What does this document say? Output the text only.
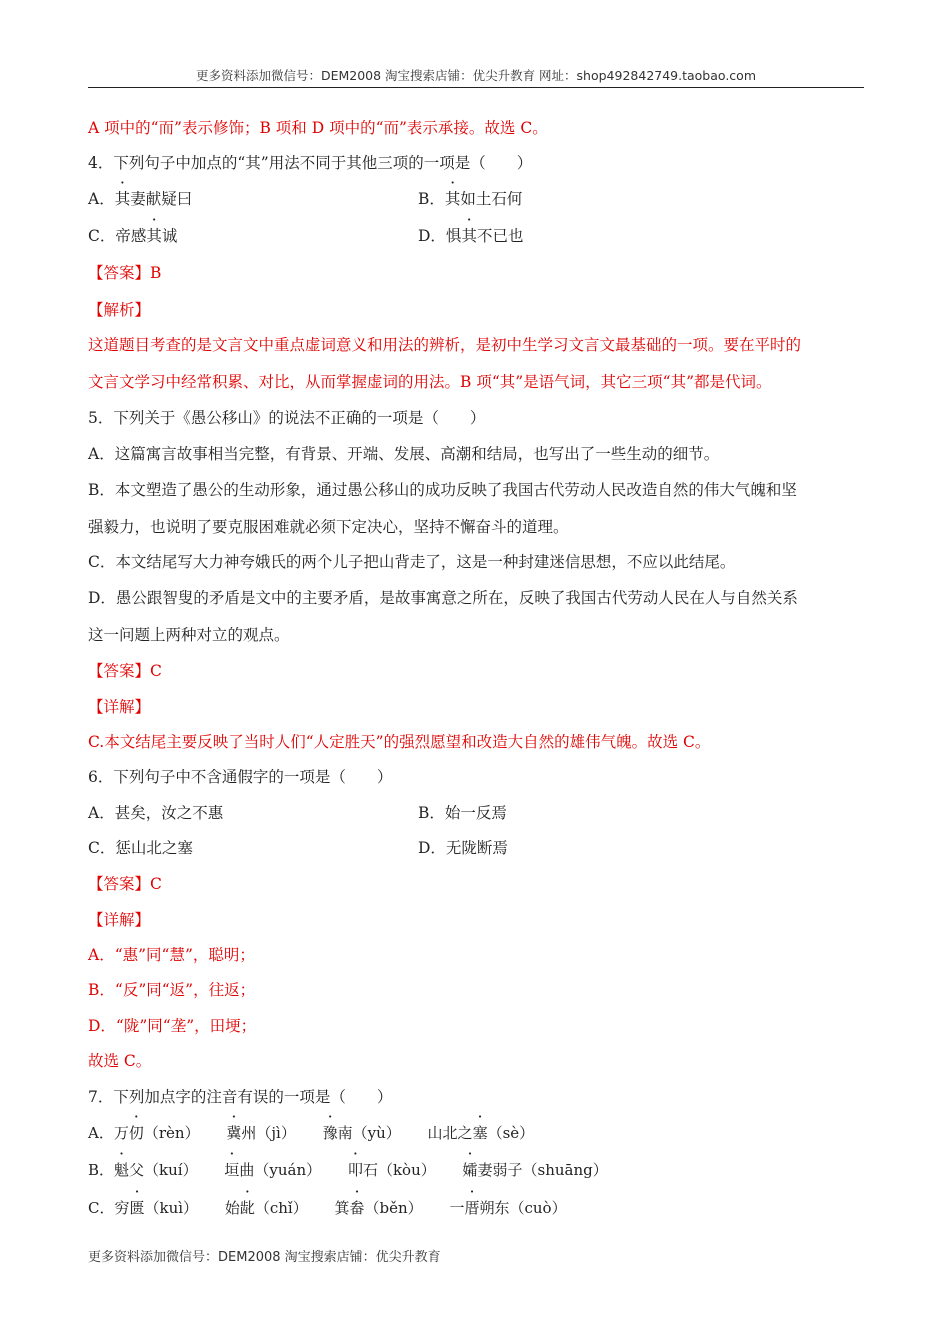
更多资料添加微信号：DEM2008 淘宝搜索店铺：优尖升教育 网址：shop492842749.taobao.com
A 项中的“而”表示修饰；B 项和 D 项中的“而”表示承接。故选 C。
4．下列句子中加点的“其”用法不同于其他三项的一项是（　　）
A．其妻献疑曰	B．其如土石何
C．帝感其诚	D．惧其不已也
【答案】B
【解析】
这道题目考查的是文言文中重点虚词意义和用法的辨析，是初中生学习文言文最基础的一项。要在平时的
文言文学习中经常积累、对比，从而掌握虚词的用法。B 项“其”是语气词，其它三项“其”都是代词。
5．下列关于《愚公移山》的说法不正确的一项是（　　）
A．这篇寓言故事相当完整，有背景、开端、发展、高潮和结局，也写出了一些生动的细节。
B．本文塑造了愚公的生动形象，通过愚公移山的成功反映了我国古代劳动人民改造自然的伟大气魄和坚
强毅力，也说明了要克服困难就必须下定决心，坚持不懈奋斗的道理。
C．本文结尾写大力神夸娥氏的两个儿子把山背走了，这是一种封建迷信思想，不应以此结尾。
D．愚公跟智叟的矛盾是文中的主要矛盾，是故事寓意之所在，反映了我国古代劳动人民在人与自然关系
这一问题上两种对立的观点。
【答案】C
【详解】
C.本文结尾主要反映了当时人们“人定胜天”的强烈愿望和改造大自然的雄伟气魄。故选 C。
6．下列句子中不含通假字的一项是（　　）
A．甚矣，汝之不惠	B．始一反焉
C．惩山北之塞	D．无陇断焉
【答案】C
【详解】
A．“惠”同“慧”，聪明；
B．“反”同“返”，往返；
D．“陇”同“垄”，田埂；
故选 C。
7．下列加点字的注音有误的一项是（　　）
A．万仞（rèn） 冀州（jì） 豫南（yù） 山北之塞（sè）
B．魁父（kuí） 垣曲（yuán） 叩石（kòu） 孀妻弱子（shuāng）
C．穷匮（kuì） 始龀（chǐ） 箕畚（běn） 一厝朔东（cuò）
更多资料添加微信号：DEM2008 淘宝搜索店铺：优尖升教育
